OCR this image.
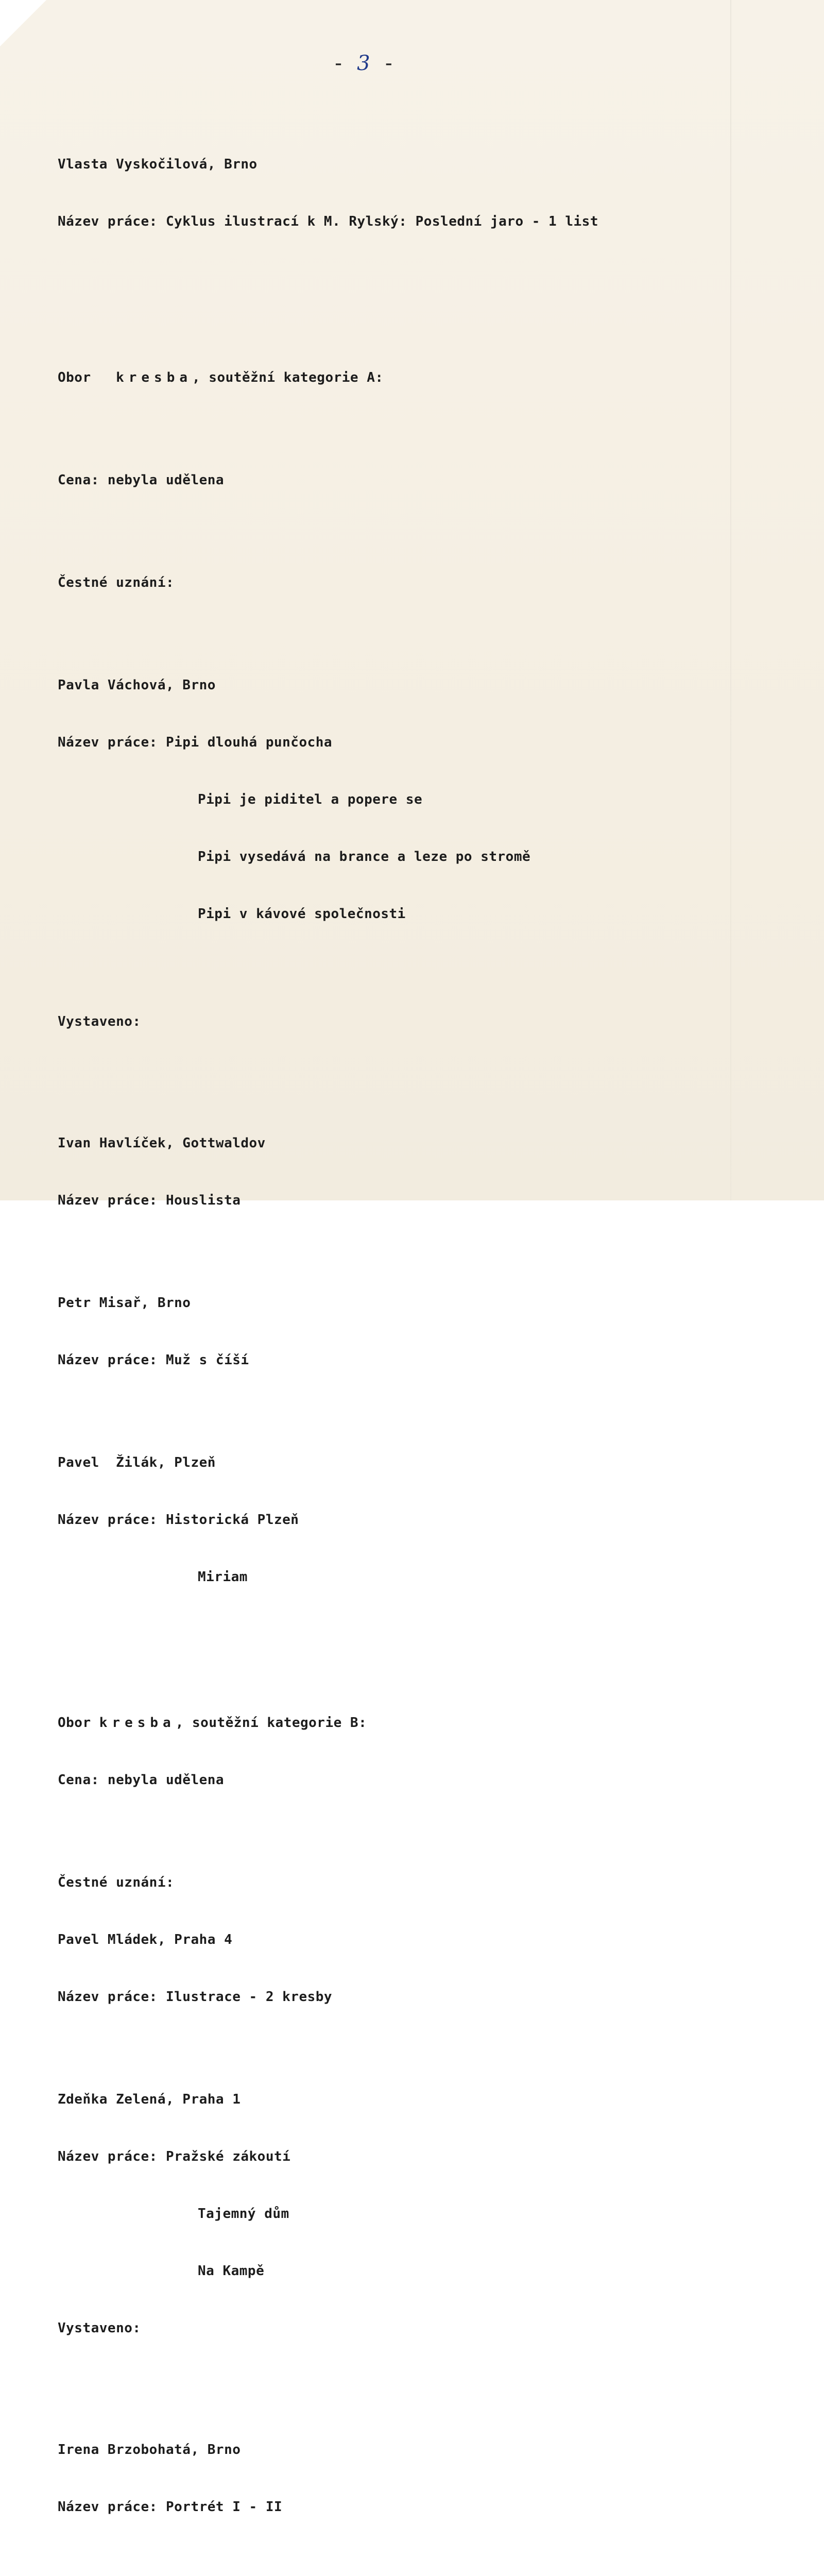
- 3 -

Vlasta Vyskočilová, Brno

Název práce: Cyklus ilustrací k M. Rylský: Poslední jaro - 1 list

Obor   kresba, soutěžní kategorie A:

Cena: nebyla udělena

Čestné uznání:

Pavla Váchová, Brno

Název práce: Pipi dlouhá punčocha

Pipi je piditel a popere se

Pipi vysedává na brance a leze po stromě

Pipi v kávové společnosti

Vystaveno:

Ivan Havlíček, Gottwaldov

Název práce: Houslista

Petr Misař, Brno

Název práce: Muž s číší

Pavel  Žilák, Plzeň

Název práce: Historická Plzeň

Miriam

Obor kresba, soutěžní kategorie B:

Cena: nebyla udělena

Čestné uznání:

Pavel Mládek, Praha 4

Název práce: Ilustrace - 2 kresby

Zdeňka Zelená, Praha 1

Název práce: Pražské zákoutí

Tajemný dům

Na Kampě

Vystaveno:

Irena Brzobohatá, Brno

Název práce: Portrét I - II
